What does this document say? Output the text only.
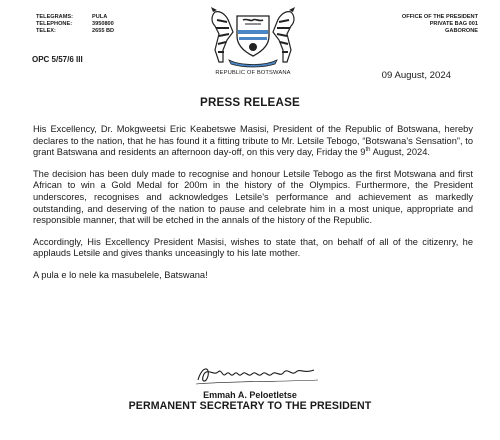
TELEGRAMS:	PULA
TELEPHONE:	3950800
TELEX:	2655 BD
OFFICE OF THE PRESIDENT
PRIVATE BAG 001
GABORONE
REPUBLIC OF BOTSWANA
OPC 5/57/6 III
09 August, 2024
PRESS RELEASE

His Excellency, Dr. Mokgweetsi Eric Keabetswe Masisi, President of the Republic of Botswana, hereby declares to the nation, that he has found it a fitting tribute to Mr. Letsile Tebogo, “Botswana’s Sensation”, to grant Batswana and residents an afternoon day-off, on this very day, Friday the 9th August, 2024.

The decision has been duly made to recognise and honour Letsile Tebogo as the first Motswana and first African to win a Gold Medal for 200m in the history of the Olympics. Furthermore, the President underscores, recognises and acknowledges Letsile’s performance and achievement as markedly outstanding, and deserving of the nation to pause and celebrate him in a most unique, appropriate and responsible manner, that will be etched in the annals of the history of the Republic.

Accordingly, His Excellency President Masisi, wishes to state that, on behalf of all of the citizenry, he applauds Letsile and gives thanks unceasingly to his late mother.

A pula e lo nele ka masubelele, Batswana!

Emmah A. Peloetletse
PERMANENT SECRETARY TO THE PRESIDENT
